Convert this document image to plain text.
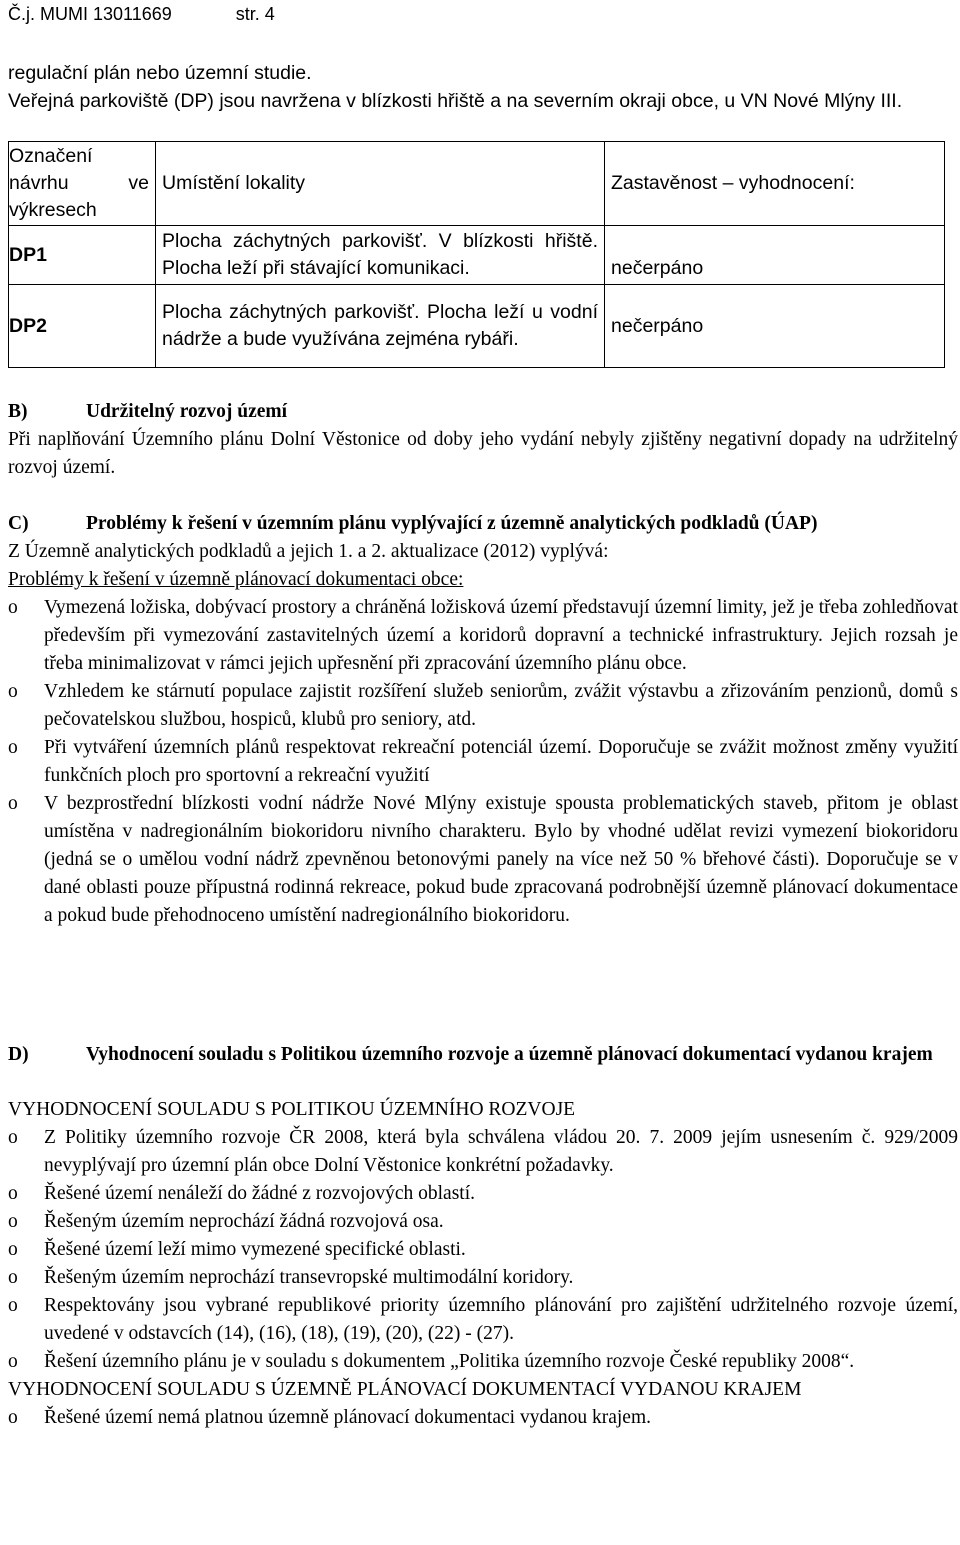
Č.j. MUMI 13011669	str. 4
regulační plán nebo územní studie.
Veřejná parkoviště (DP) jsou navržena v blízkosti hřiště a na severním okraji obce, u VN Nové Mlýny III.
Označení
návrhu ve
výkresech	Umístění lokality	Zastavěnost – vyhodnocení:
DP1	Plocha záchytných parkovišť. V blízkosti hřiště. Plocha leží při stávající komunikaci.	nečerpáno
DP2	Plocha záchytných parkovišť. Plocha leží u vodní nádrže a bude využívána zejména rybáři.	nečerpáno
B)	Udržitelný rozvoj území
Při naplňování Územního plánu Dolní Věstonice od doby jeho vydání nebyly zjištěny negativní dopady na udržitelný rozvoj území.
C)	Problémy k řešení v územním plánu vyplývající z územně analytických podkladů (ÚAP)
Z Územně analytických podkladů a jejich 1. a 2. aktualizace (2012) vyplývá:
Problémy k řešení v územně plánovací dokumentaci obce:
o Vymezená ložiska, dobývací prostory a chráněná ložisková území představují územní limity, jež je třeba zohledňovat především při vymezování zastavitelných území a koridorů dopravní a technické infrastruktury. Jejich rozsah je třeba minimalizovat v rámci jejich upřesnění při zpracování územního plánu obce.
o Vzhledem ke stárnutí populace zajistit rozšíření služeb seniorům, zvážit výstavbu a zřizováním penzionů, domů s pečovatelskou službou, hospiců, klubů pro seniory, atd.
o Při vytváření územních plánů respektovat rekreační potenciál území. Doporučuje se zvážit možnost změny využití funkčních ploch pro sportovní a rekreační využití
o V bezprostřední blízkosti vodní nádrže Nové Mlýny existuje spousta problematických staveb, přitom je oblast umístěna v nadregionálním biokoridoru nivního charakteru. Bylo by vhodné udělat revizi vymezení biokoridoru (jedná se o umělou vodní nádrž zpevněnou betonovými panely na více než 50 % břehové části). Doporučuje se v dané oblasti pouze přípustná rodinná rekreace, pokud bude zpracovaná podrobnější územně plánovací dokumentace a pokud bude přehodnoceno umístění nadregionálního biokoridoru.
D)	Vyhodnocení souladu s Politikou územního rozvoje a územně plánovací dokumentací vydanou krajem
VYHODNOCENÍ SOULADU S POLITIKOU ÚZEMNÍHO ROZVOJE
o Z Politiky územního rozvoje ČR 2008, která byla schválena vládou 20. 7. 2009 jejím usnesením č. 929/2009 nevyplývají pro územní plán obce Dolní Věstonice konkrétní požadavky.
o Řešené území nenáleží do žádné z rozvojových oblastí.
o Řešeným územím neprochází žádná rozvojová osa.
o Řešené území leží mimo vymezené specifické oblasti.
o Řešeným územím neprochází transevropské multimodální koridory.
o Respektovány jsou vybrané republikové priority územního plánování pro zajištění udržitelného rozvoje území, uvedené v odstavcích (14), (16), (18), (19), (20), (22) - (27).
o Řešení územního plánu je v souladu s dokumentem „Politika územního rozvoje České republiky 2008“.
VYHODNOCENÍ SOULADU S ÚZEMNĚ PLÁNOVACÍ DOKUMENTACÍ VYDANOU KRAJEM
o Řešené území nemá platnou územně plánovací dokumentaci vydanou krajem.
